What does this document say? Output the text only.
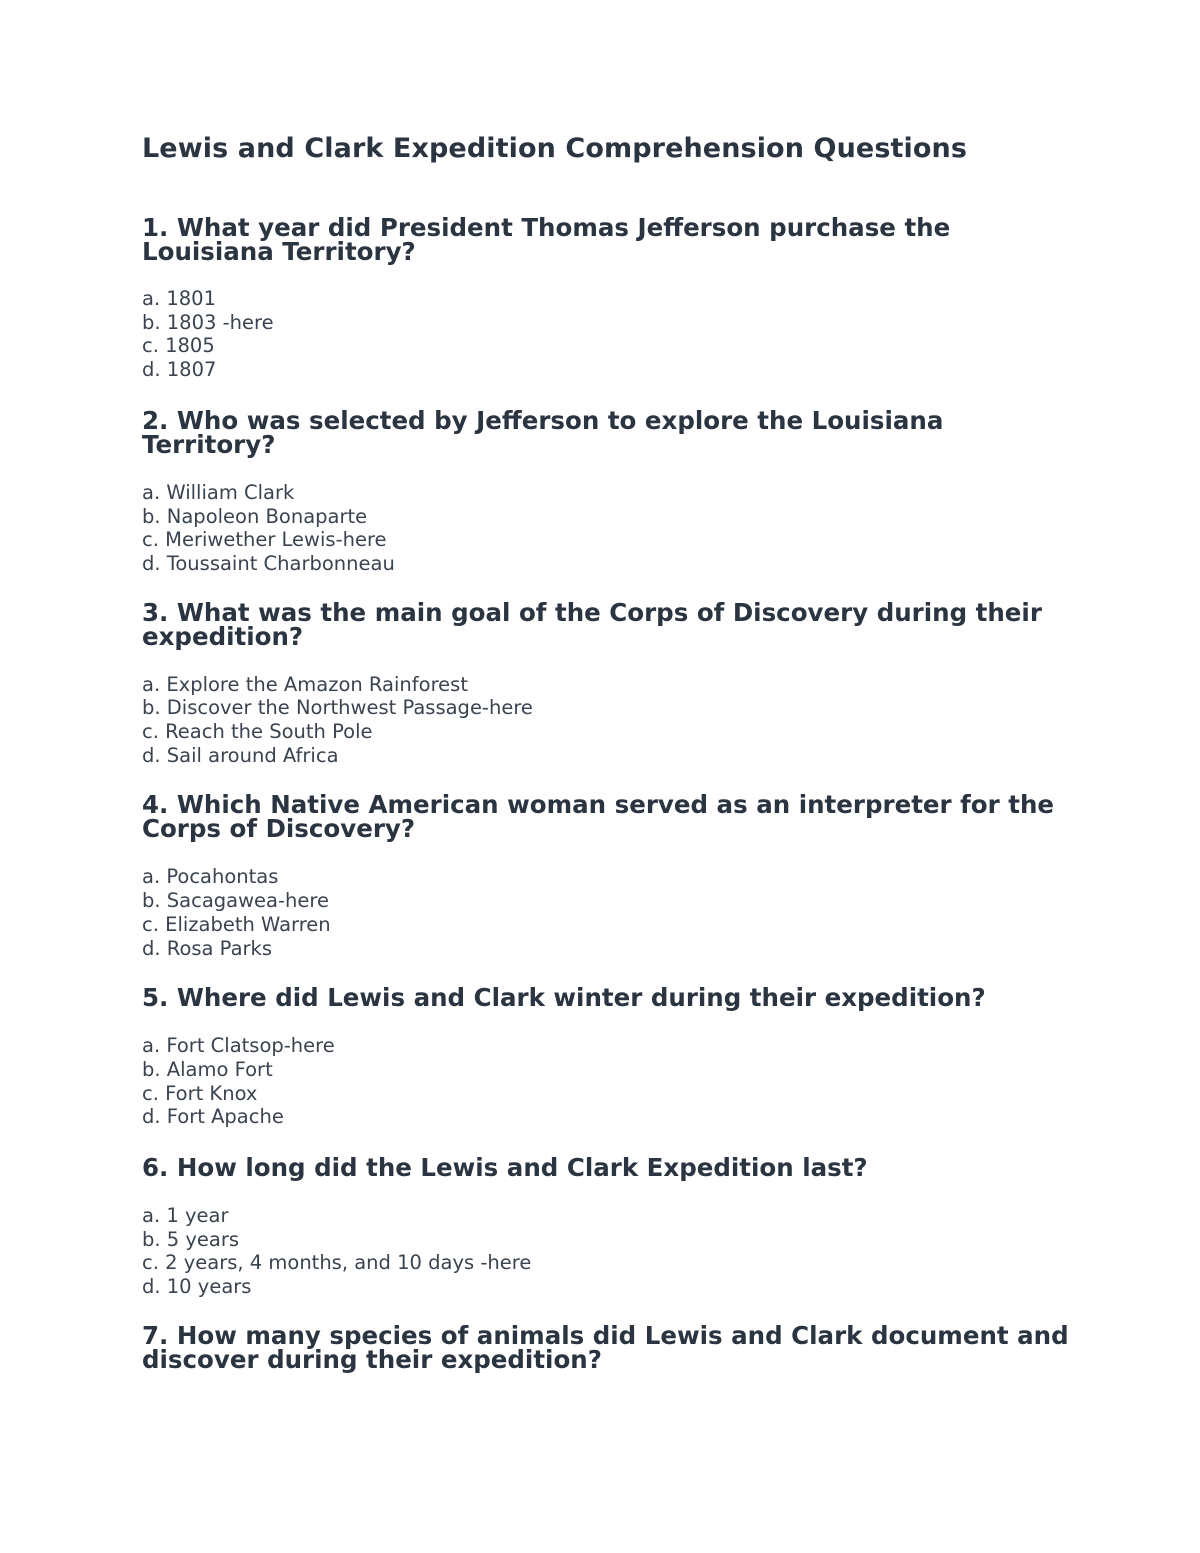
Lewis and Clark Expedition Comprehension Questions
1. What year did President Thomas Jefferson purchase the Louisiana Territory?
a. 1801
b. 1803 -here
c. 1805
d. 1807
2. Who was selected by Jefferson to explore the Louisiana Territory?
a. William Clark
b. Napoleon Bonaparte
c. Meriwether Lewis-here
d. Toussaint Charbonneau
3. What was the main goal of the Corps of Discovery during their expedition?
a. Explore the Amazon Rainforest
b. Discover the Northwest Passage-here
c. Reach the South Pole
d. Sail around Africa
4. Which Native American woman served as an interpreter for the Corps of Discovery?
a. Pocahontas
b. Sacagawea-here
c. Elizabeth Warren
d. Rosa Parks
5. Where did Lewis and Clark winter during their expedition?
a. Fort Clatsop-here
b. Alamo Fort
c. Fort Knox
d. Fort Apache
6. How long did the Lewis and Clark Expedition last?
a. 1 year
b. 5 years
c. 2 years, 4 months, and 10 days -here
d. 10 years
7. How many species of animals did Lewis and Clark document and discover during their expedition?
